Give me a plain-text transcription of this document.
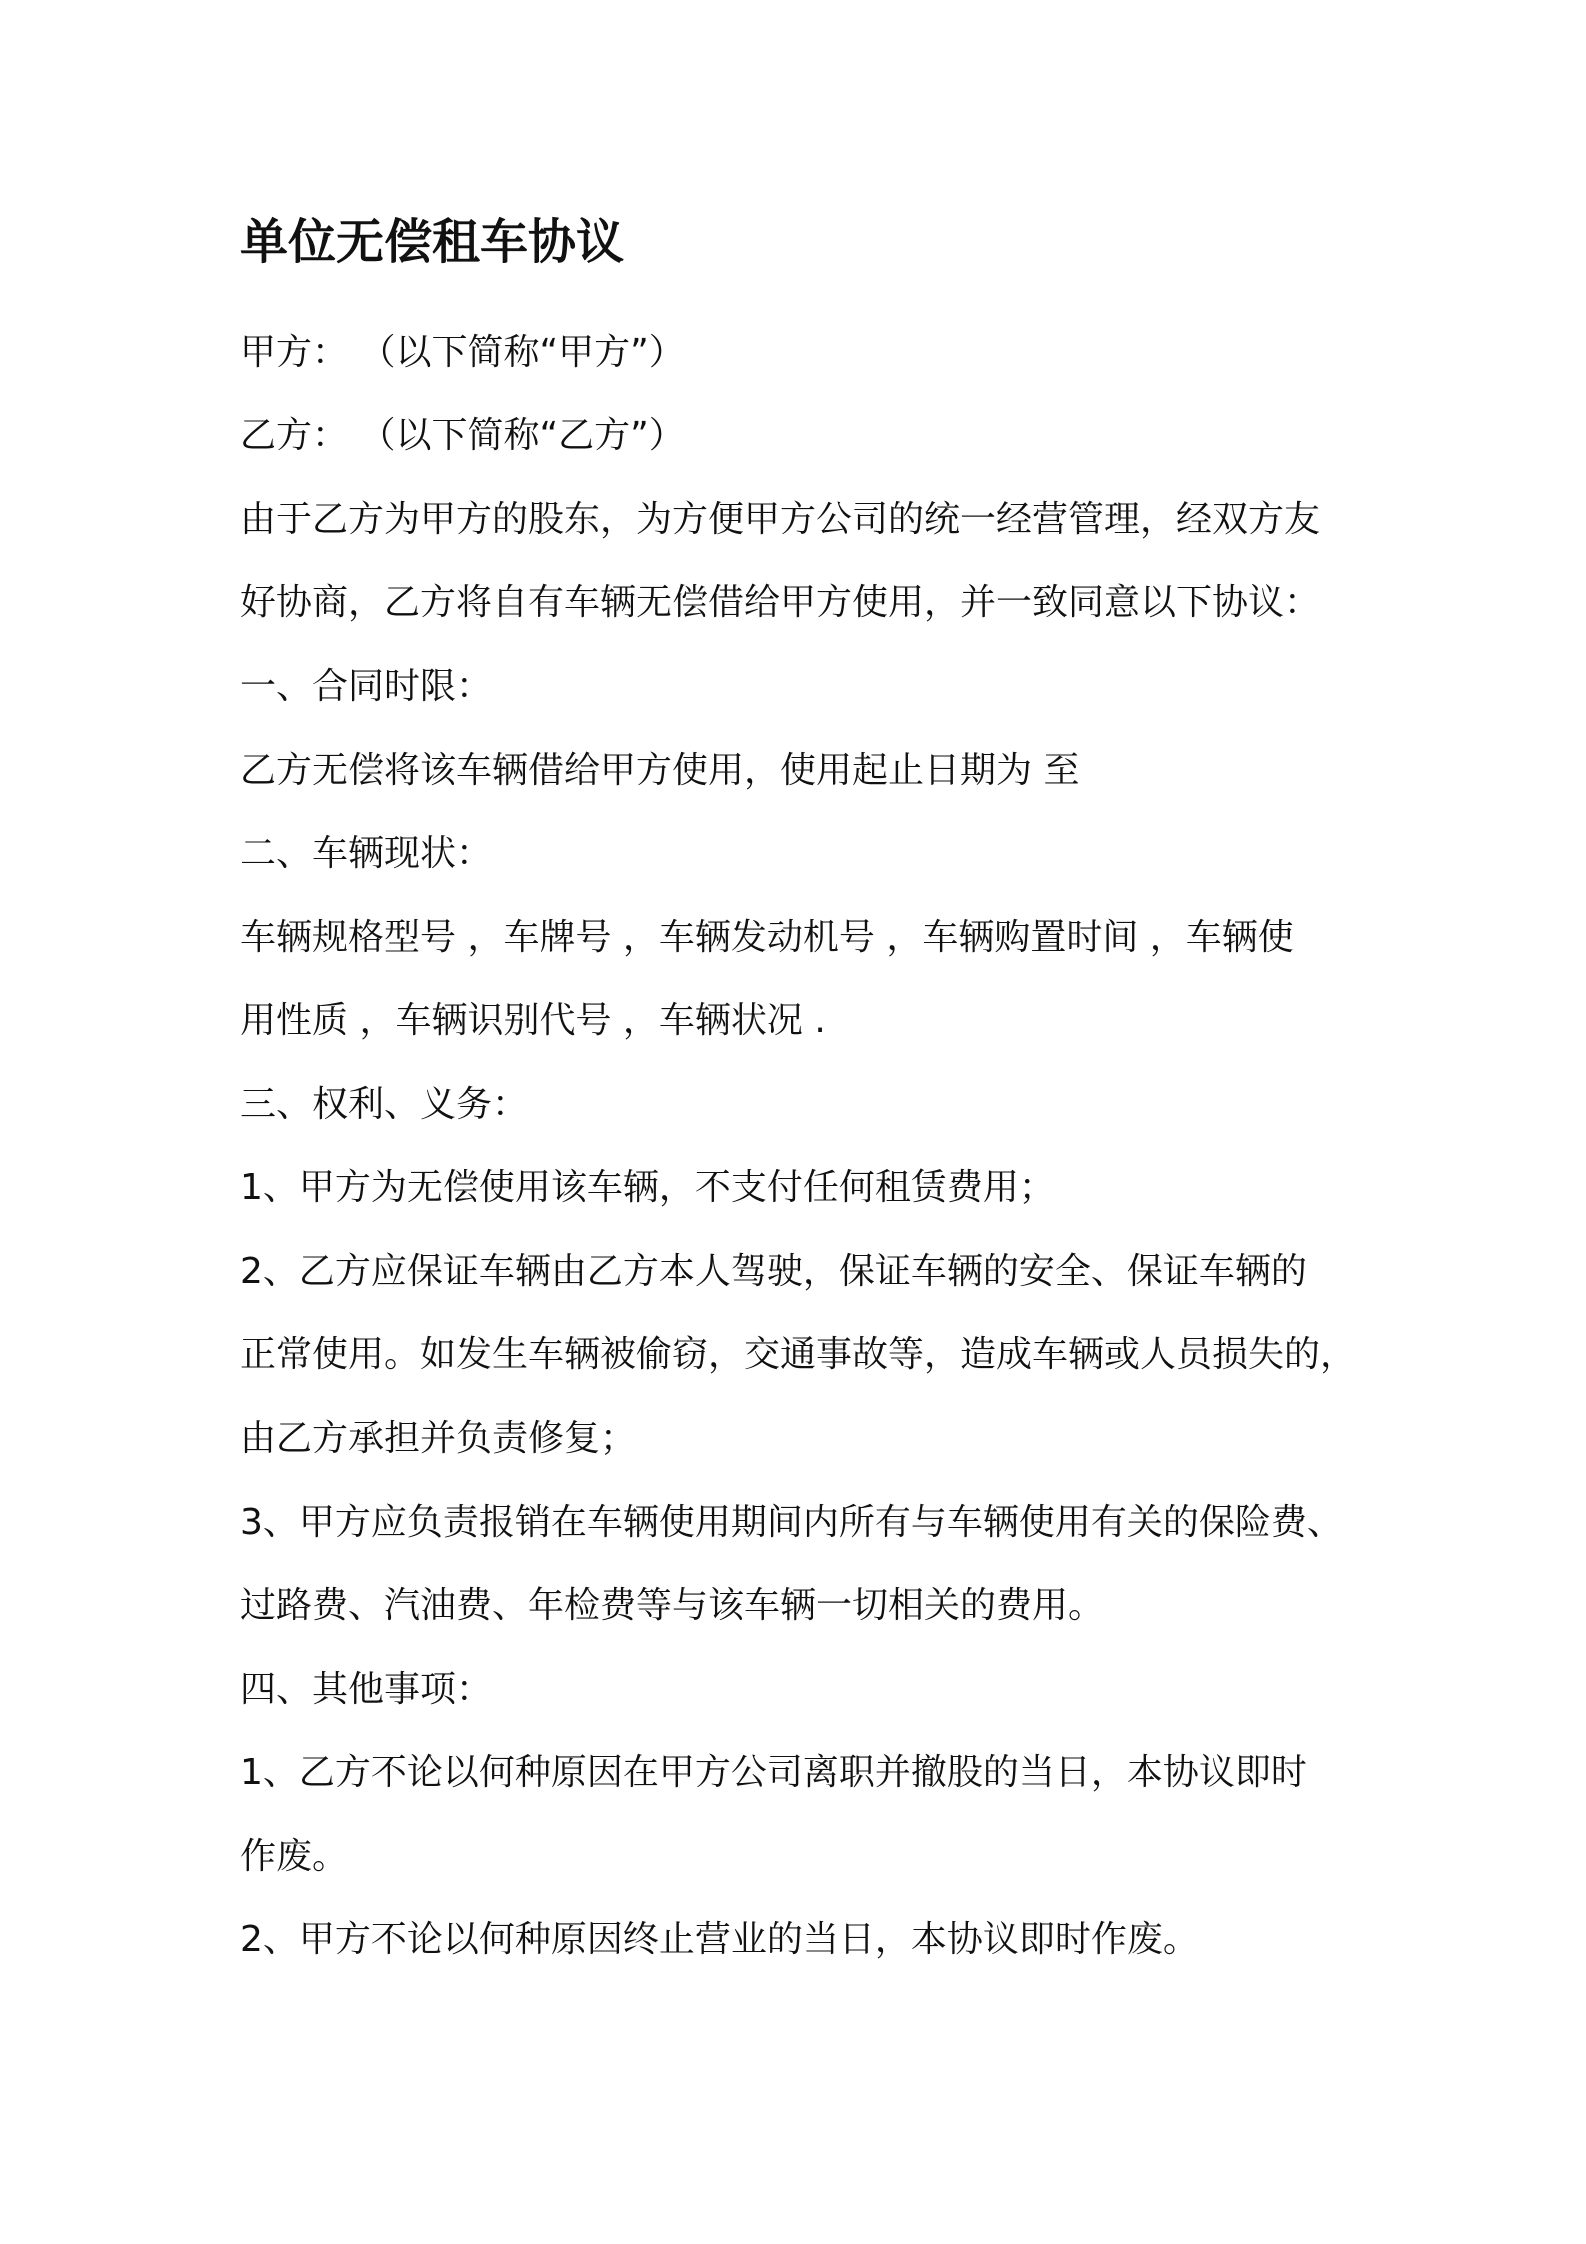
单位无偿租车协议
甲方： （以下简称“甲方”）
乙方： （以下简称“乙方”）
由于乙方为甲方的股东，为方便甲方公司的统一经营管理，经双方友
好协商，乙方将自有车辆无偿借给甲方使用，并一致同意以下协议：
一、合同时限：
乙方无偿将该车辆借给甲方使用，使用起止日期为 至
二、车辆现状：
车辆规格型号 ，车牌号 ，车辆发动机号 ，车辆购置时间 ，车辆使
用性质 ，车辆识别代号 ，车辆状况 .
三、权利、义务：
1、甲方为无偿使用该车辆，不支付任何租赁费用；
2、乙方应保证车辆由乙方本人驾驶，保证车辆的安全、保证车辆的
正常使用。如发生车辆被偷窃，交通事故等，造成车辆或人员损失的，
由乙方承担并负责修复；
3、甲方应负责报销在车辆使用期间内所有与车辆使用有关的保险费、
过路费、汽油费、年检费等与该车辆一切相关的费用。
四、其他事项：
1、乙方不论以何种原因在甲方公司离职并撤股的当日，本协议即时
作废。
2、甲方不论以何种原因终止营业的当日，本协议即时作废。
